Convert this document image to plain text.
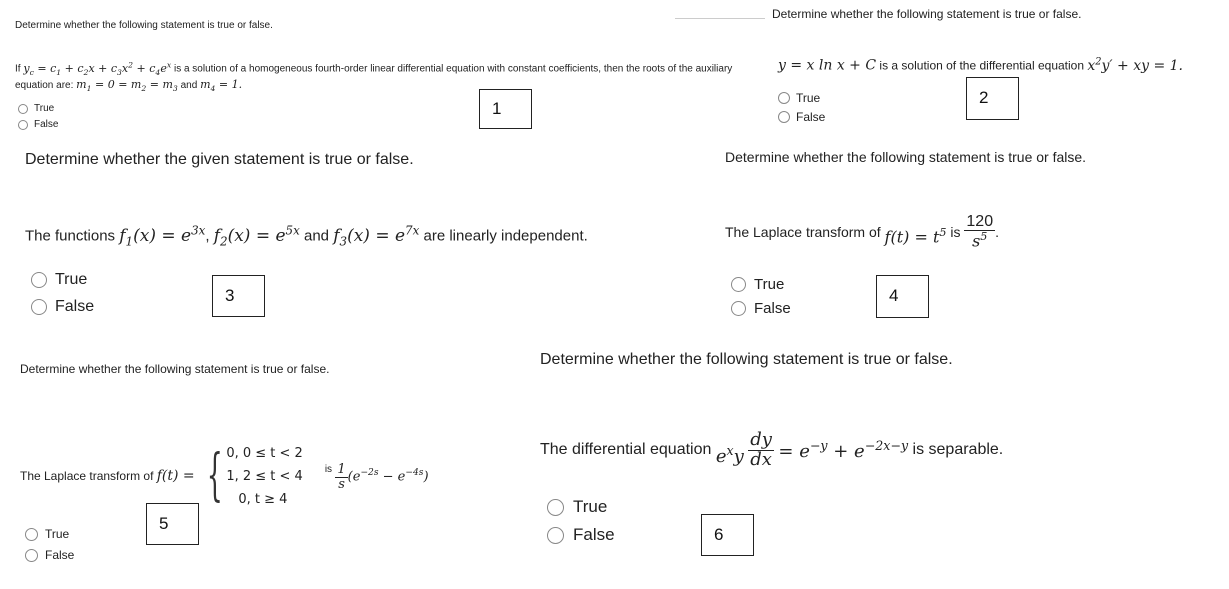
Determine whether the following statement is true or false.
If $y_c = c_1 + c_2x + c_3x^2 + c_4e^x$ is a solution of a homogeneous fourth-order linear differential equation with constant coefficients, then the roots of the auxiliary
equation are: $m_1 = 0 = m_2 = m_3$ and $m_4 = 1$.
True
False
1
Determine whether the following statement is true or false.
y = x ln x + C is a solution of the differential equation $x^2y'$ + xy = 1.
True
False
2
Determine whether the given statement is true or false.
The functions $f_1(x) = e^{3x}$, $f_2(x) = e^{5x}$ and $f_3(x) = e^{7x}$ are linearly independent.
True
False
3
Determine whether the following statement is true or false.
The Laplace transform of
$f(t) = t^5$
is
$\frac{120}{s^5}$ .
True
False
4
Determine whether the following statement is true or false.
The Laplace transform of
f(t) = { 0, 0 ≤ t < 2
1, 2 ≤ t < 4
0, t ≥ 4
is
$\frac{1}{s} (e^{-2s} - e^{-4s})$
True
False
5
Determine whether the following statement is true or false.
The differential equation
$e^xy$
$\frac{dy}{dx}$
= $e^{-y} + e^{-2x-y}$
is separable.
True
False	6
